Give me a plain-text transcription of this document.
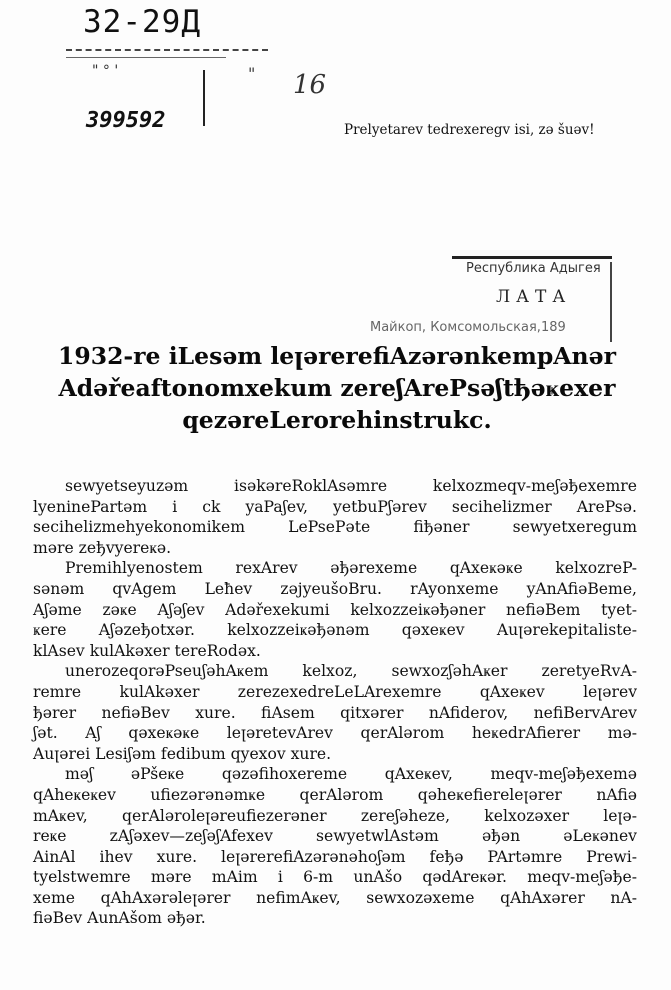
32-29Д
" ° '	" 16
399592	Prelyetarev tedrexeregv isi, zə šuəv!
Республика Адыгея
ЛАТА
Майкоп, Комсомольская,189
1932-re iLesəm leꞁərerefiAzərənkempAnər
Adəřeaftonomxekum zereʃArePsəʃtђəҝexer
qezəreLerorehinstrukc.
sewyetseyuzəm isəkəreRoklAsəmre kelxozmeqv-meʃəђexemre
lyeninePartəm i ck yaPaʃev, yetbuPʃərev secihelizmer ArePsə.
secihelizmehyekonomikem LePsePəte fiђəner sewyetxeregum
məre zeђvyereҝə.
Premihlyenostem rexArev əђərexeme qAxeҝəҝe kelxozreP-
sənəm qvAgem Leħev zəjyeušoBru. rAyonxeme yAnAfiəBeme,
Aʃəme zəҝe Aʃəʃev Adəřexekumi kelxozzeiҝəђəner nefiəBem tyet-
ҝere Aʃəzeђotxər. kelxozzeiҝəђənəm qəxeҝev Auꞁərekepitaliste-
klAsev kulAkəxer tereRodəx.
unerozeqorəPseuʃəhAҝem kelxoz, sewxozʃəhAҝer zeretyeRvA-
remre kulAkəxer zerezexedreLeLArexemre qAxeҝev leꞁərev
ђərer nefiəBev xure. fiAsem qitxərer nAfiderov, nefiBervArev
ʃət. Aʃ qəxeҝəҝe leꞁəretevArev qerAlərom heҝedrAfierer mə-
Auꞁərei Lesiʃəm fedibum qyexov xure.
məʃ əPšeҝe qəzəfihoxereme qAxeҝev, meqv-meʃəђexemə
qAheҝeҝev ufiezərənəmҝe qerAlərom qəheҝefiereleꞁərer nAfiə
mAҝev, qerAləroleꞁəreufiezerəner zereʃəheze, kelxozəxer leꞁə-
reҝe zAʃəxev—zeʃəʃAfexev sewyetwlAstəm əђən əLeҝənev
AinAl ihev xure. leꞁərerefiAzərənəhoʃəm feђə PArtəmre Prewi-
tyelstwemre məre mAim i 6-m unAšo qədAreҝər. meqv-meʃəђe-
xeme qAhAxərəleꞁərer nefimAҝev, sewxozəxeme qAhAxərer nA-
fiəBev AunAšom əђər.
